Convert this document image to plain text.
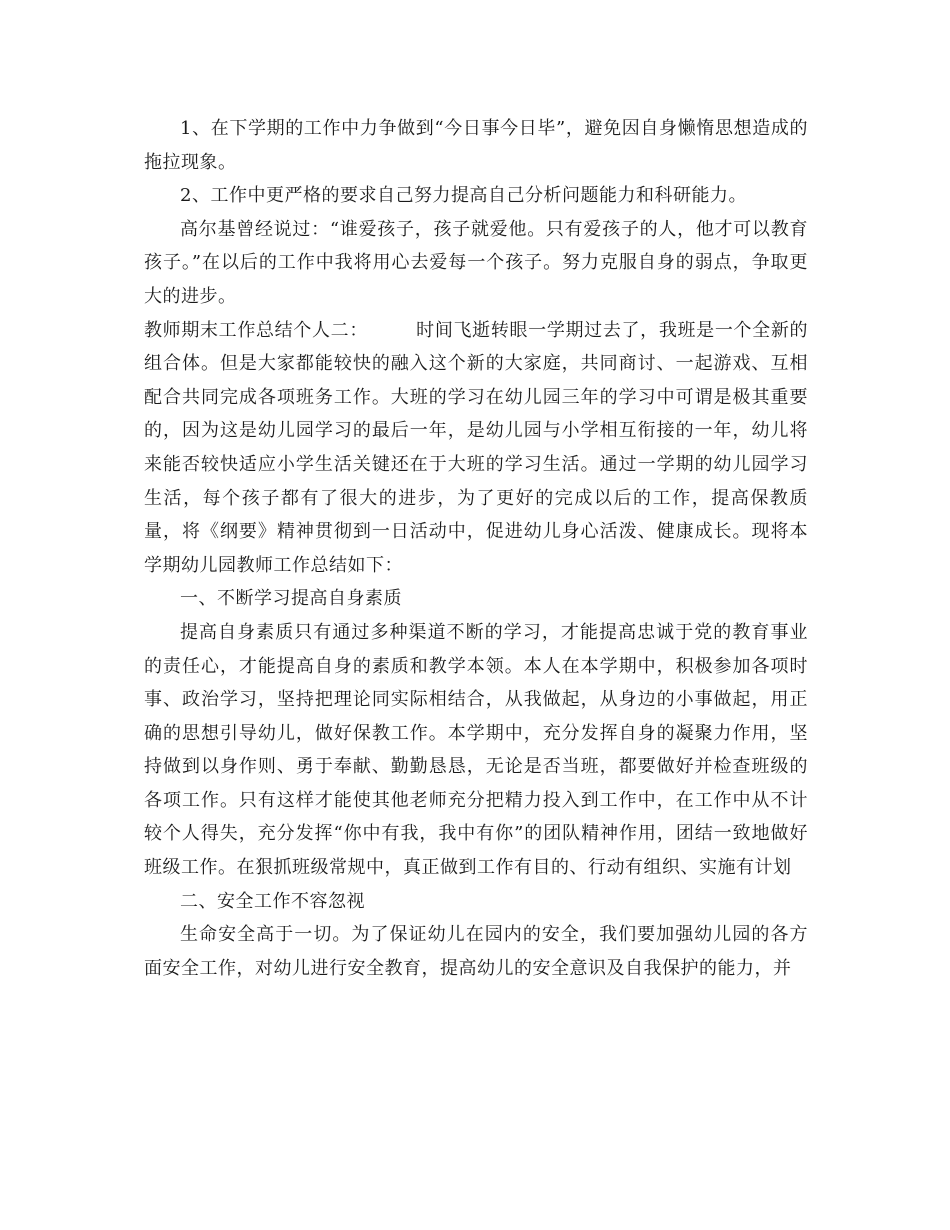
1、在下学期的工作中力争做到“今日事今日毕”，避免因自身懒惰思想造成的拖拉现象。

2、工作中更严格的要求自己努力提高自己分析问题能力和科研能力。

高尔基曾经说过：“谁爱孩子，孩子就爱他。只有爱孩子的人，他才可以教育孩子。”在以后的工作中我将用心去爱每一个孩子。努力克服自身的弱点，争取更大的进步。

教师期末工作总结个人二：	时间飞逝转眼一学期过去了，我班是一个全新的组合体。但是大家都能较快的融入这个新的大家庭，共同商讨、一起游戏、互相配合共同完成各项班务工作。大班的学习在幼儿园三年的学习中可谓是极其重要的，因为这是幼儿园学习的最后一年，是幼儿园与小学相互衔接的一年，幼儿将来能否较快适应小学生活关键还在于大班的学习生活。通过一学期的幼儿园学习生活，每个孩子都有了很大的进步，为了更好的完成以后的工作，提高保教质量，将《纲要》精神贯彻到一日活动中，促进幼儿身心活泼、健康成长。现将本学期幼儿园教师工作总结如下：

一、不断学习提高自身素质

提高自身素质只有通过多种渠道不断的学习，才能提高忠诚于党的教育事业的责任心，才能提高自身的素质和教学本领。本人在本学期中，积极参加各项时事、政治学习，坚持把理论同实际相结合，从我做起，从身边的小事做起，用正确的思想引导幼儿，做好保教工作。本学期中，充分发挥自身的凝聚力作用，坚持做到以身作则、勇于奉献、勤勤恳恳，无论是否当班，都要做好并检查班级的各项工作。只有这样才能使其他老师充分把精力投入到工作中，在工作中从不计较个人得失，充分发挥“你中有我，我中有你”的团队精神作用，团结一致地做好班级工作。在狠抓班级常规中，真正做到工作有目的、行动有组织、实施有计划

二、安全工作不容忽视

生命安全高于一切。为了保证幼儿在园内的安全，我们要加强幼儿园的各方面安全工作，对幼儿进行安全教育，提高幼儿的安全意识及自我保护的能力，并
